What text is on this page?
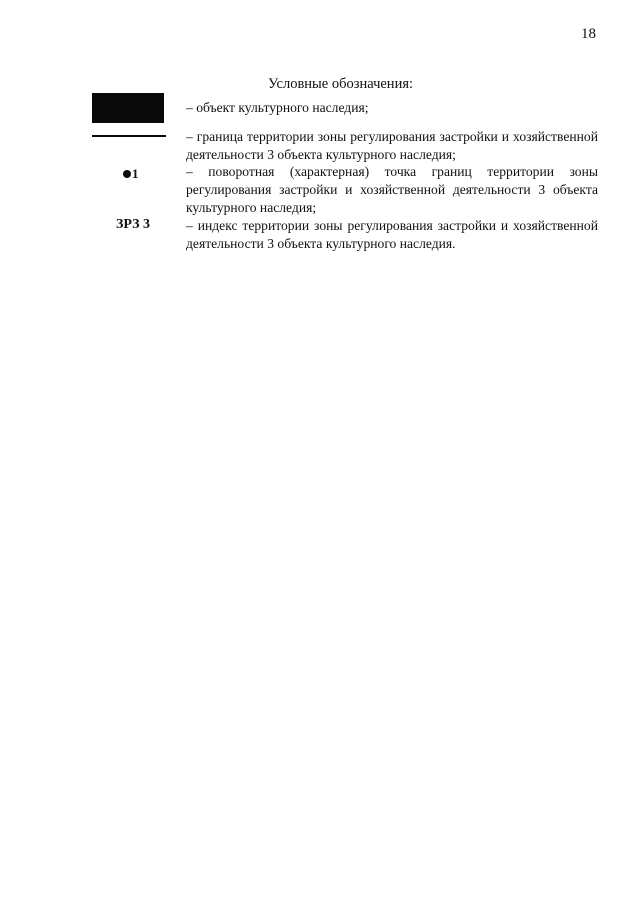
18
Условные обозначения:
– объект культурного наследия;
– граница территории зоны регулирования застройки и хозяйственной деятельности 3 объекта культурного наследия;
1	– поворотная (характерная) точка границ территории зоны регулирования застройки и хозяйственной деятельности 3 объекта культурного наследия;
ЗРЗ 3	– индекс территории зоны регулирования застройки и хозяйственной деятельности 3 объекта культурного наследия.
